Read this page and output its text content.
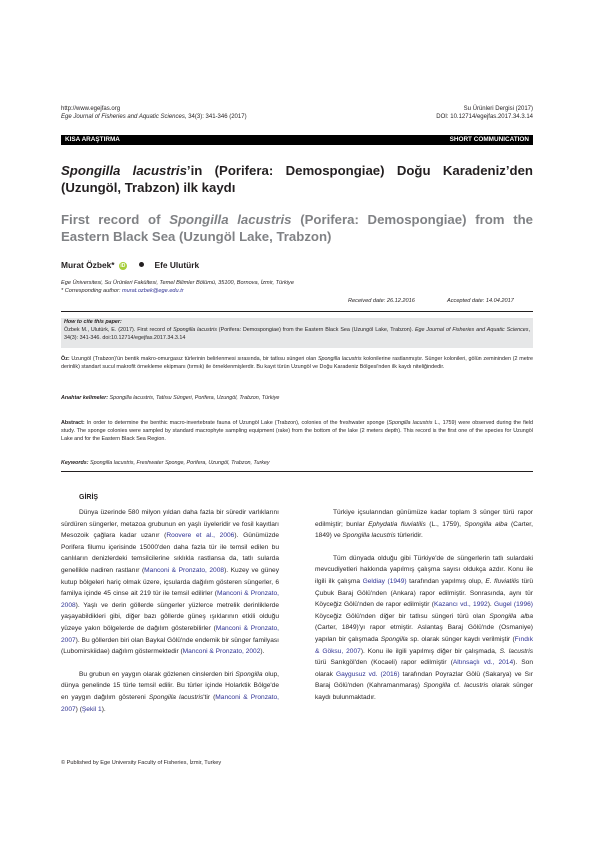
http://www.egejfas.org
Ege Journal of Fisheries and Aquatic Sciences, 34(3): 341-346 (2017)
Su Ürünleri Dergisi (2017)
DOI: 10.12714/egejfas.2017.34.3.14
KISA ARAŞTIRMA	SHORT COMMUNICATION
Spongilla lacustris’in (Porifera: Demospongiae) Doğu Karadeniz’den (Uzungöl, Trabzon) ilk kaydı
First record of Spongilla lacustris (Porifera: Demospongiae) from the Eastern Black Sea (Uzungöl Lake, Trabzon)
Murat Özbek* iD	Efe Ulutürk
Ege Üniversitesi, Su Ürünleri Fakültesi, Temel Bilimler Bölümü, 35100, Bornova, İzmir, Türkiye
* Corresponding author: murat.ozbek@ege.edu.tr
Received date: 26.12.2016	Accepted date: 14.04.2017
How to cite this paper:
Özbek M., Ulutürk, E. (2017). First record of Spongilla lacustris (Porifera: Demospongiae) from the Eastern Black Sea (Uzungöl Lake, Trabzon). Ege Journal of Fisheries and Aquatic Sciences, 34(3): 341-346. doi:10.12714/egejfas.2017.34.3.14
Öz: Uzungöl (Trabzon)'ün bentik makro-omurgasız türlerinin belirlenmesi sırasında, bir tatlısu süngeri olan Spongilla lacustris kolonilerine rastlanmıştır. Sünger kolonileri, gölün zemininden (2 metre derinlik) standart sucul makrofit örnekleme ekipmanı (tırmık) ile örneklenmişlerdir. Bu kayıt türün Uzungöl ve Doğu Karadeniz Bölgesi'nden ilk kaydı niteliğindedir.
Anahtar kelimeler: Spongilla lacustris, Tatlısu Süngeri, Porifera, Uzungöl, Trabzon, Türkiye
Abstract: In order to determine the benthic macro-invertebrate fauna of Uzungöl Lake (Trabzon), colonies of the freshwater sponge (Spongilla lacustris L., 1759) were observed during the field study. The sponge colonies were sampled by standard macrophyte sampling equipment (rake) from the bottom of the lake (2 meters depth). This record is the first one of the species for Uzungöl Lake and for the Eastern Black Sea Region.
Keywords: Spongilla lacustris, Freshwater Sponge, Porifera, Uzungöl, Trabzon, Turkey
GİRİŞ

Dünya üzerinde 580 milyon yıldan daha fazla bir süredir varlıklarını sürdüren süngerler, metazoa grubunun en yaşlı üyeleridir ve fosil kayıtları Mesozoik çağlara kadar uzanır (Roovere et al., 2006). Günümüzde Porifera filumu içerisinde 15000'den daha fazla tür ile temsil edilen bu canlıların denizlerdeki temsilcilerine sıklıkla rastlansa da, tatlı sularda genellikle nadiren rastlanır (Manconi & Pronzato, 2008). Kuzey ve güney kutup bölgeleri hariç olmak üzere, içsularda dağılım gösteren süngerler, 6 familya içinde 45 cinse ait 219 tür ile temsil edilirler (Manconi & Pronzato, 2008). Yaşlı ve derin göllerde süngerler yüzlerce metrelik derinliklerde yaşayabildikleri gibi, diğer bazı göllerde güneş ışıklarının etkili olduğu yüzeye yakın bölgelerde de dağılım gösterebilirler (Manconi & Pronzato, 2007). Bu göllerden biri olan Baykal Gölü'nde endemik bir sünger familyası (Lubomirskiidae) dağılım göstermektedir (Manconi & Pronzato, 2002).

Bu grubun en yaygın olarak gözlenen cinslerden biri Spongilla olup, dünya genelinde 15 türle temsil edilir. Bu türler içinde Holarktik Bölge'de en yaygın dağılım göstereni Spongilla lacustris'tir (Manconi & Pronzato, 2007) (Şekil 1).

Türkiye içsularından günümüze kadar toplam 3 sünger türü rapor edilmiştir; bunlar Ephydatia fluviatilis (L., 1759), Spongilla alba (Carter, 1849) ve Spongilla lacustris türleridir.

Tüm dünyada olduğu gibi Türkiye'de de süngerlerin tatlı sulardaki mevcudiyetleri hakkında yapılmış çalışma sayısı oldukça azdır. Konu ile ilgili ilk çalışma Geldiay (1949) tarafından yapılmış olup, E. fluviatilis türü Çubuk Baraj Gölü'nden (Ankara) rapor edilmiştir. Sonrasında, aynı tür Köyceğiz Gölü'nden de rapor edilmiştir (Kazancı vd., 1992). Gugel (1996) Köyceğiz Gölü'nden diğer bir tatlısu süngeri türü olan Spongilla alba (Carter, 1849)'yı rapor etmiştir. Aslantaş Baraj Gölü'nde (Osmaniye) yapılan bir çalışmada Spongilla sp. olarak sünger kaydı verilmiştir (Fındık & Göksu, 2007). Konu ile ilgili yapılmış diğer bir çalışmada, S. lacustris türü Sarıkgöl'den (Kocaeli) rapor edilmiştir (Altınsaçlı vd., 2014). Son olarak Gaygusuz vd. (2016) tarafından Poyrazlar Gölü (Sakarya) ve Sır Baraj Gölü'nden (Kahramanmaraş) Spongilla cf. lacustris olarak sünger kaydı bulunmaktadır.

© Published by Ege University Faculty of Fisheries, İzmir, Turkey
